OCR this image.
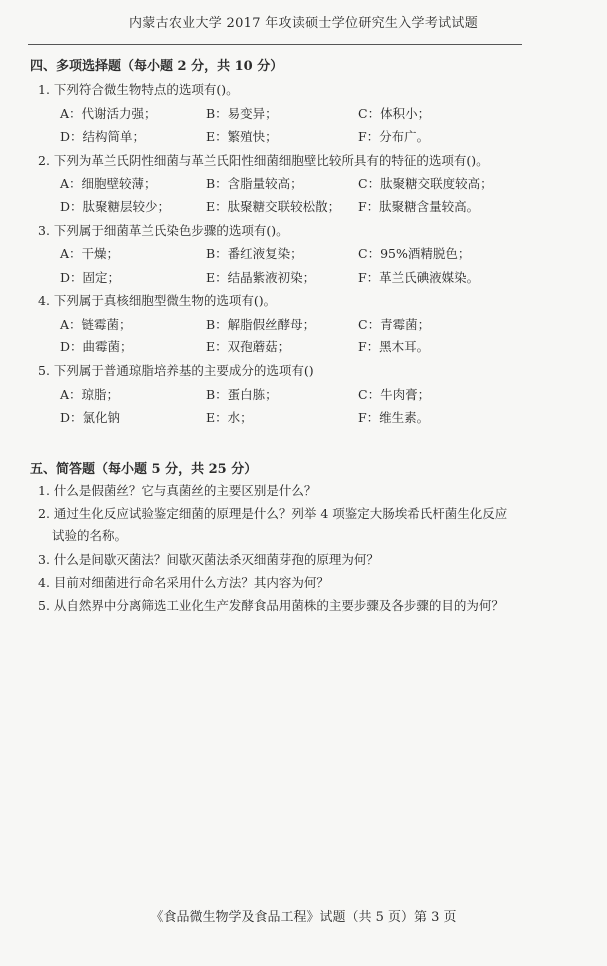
内蒙古农业大学 2017 年攻读硕士学位研究生入学考试试题
四、多项选择题（每小题 2 分，共 10 分）
1. 下列符合微生物特点的选项有()。
A：代谢活力强；	B：易变异；	C：体积小；
D：结构简单；	E：繁殖快；	F：分布广。
2. 下列为革兰氏阴性细菌与革兰氏阳性细菌细胞壁比较所具有的特征的选项有()。
A：细胞壁较薄；	B：含脂量较高；	C：肽聚糖交联度较高；
D：肽聚糖层较少；	E：肽聚糖交联较松散； F：肽聚糖含量较高。
3. 下列属于细菌革兰氏染色步骤的选项有()。
A：干燥；	B：番红液复染；	C：95%酒精脱色；
D：固定；	E：结晶紫液初染；	F：革兰氏碘液媒染。
4. 下列属于真核细胞型微生物的选项有()。
A：链霉菌；	B：解脂假丝酵母；	C：青霉菌；
D：曲霉菌；	E：双孢蘑菇；	F：黑木耳。
5. 下列属于普通琼脂培养基的主要成分的选项有()
A：琼脂；	B：蛋白胨；	C：牛肉膏；
D：氯化钠	E：水；	F：维生素。
五、简答题（每小题 5 分，共 25 分）
1. 什么是假菌丝？它与真菌丝的主要区别是什么？
2. 通过生化反应试验鉴定细菌的原理是什么？列举 4 项鉴定大肠埃希氏杆菌生化反应
试验的名称。
3. 什么是间歇灭菌法？间歇灭菌法杀灭细菌芽孢的原理为何？
4. 目前对细菌进行命名采用什么方法？其内容为何？
5. 从自然界中分离筛选工业化生产发酵食品用菌株的主要步骤及各步骤的目的为何？
《食品微生物学及食品工程》试题（共 5 页）第 3 页
